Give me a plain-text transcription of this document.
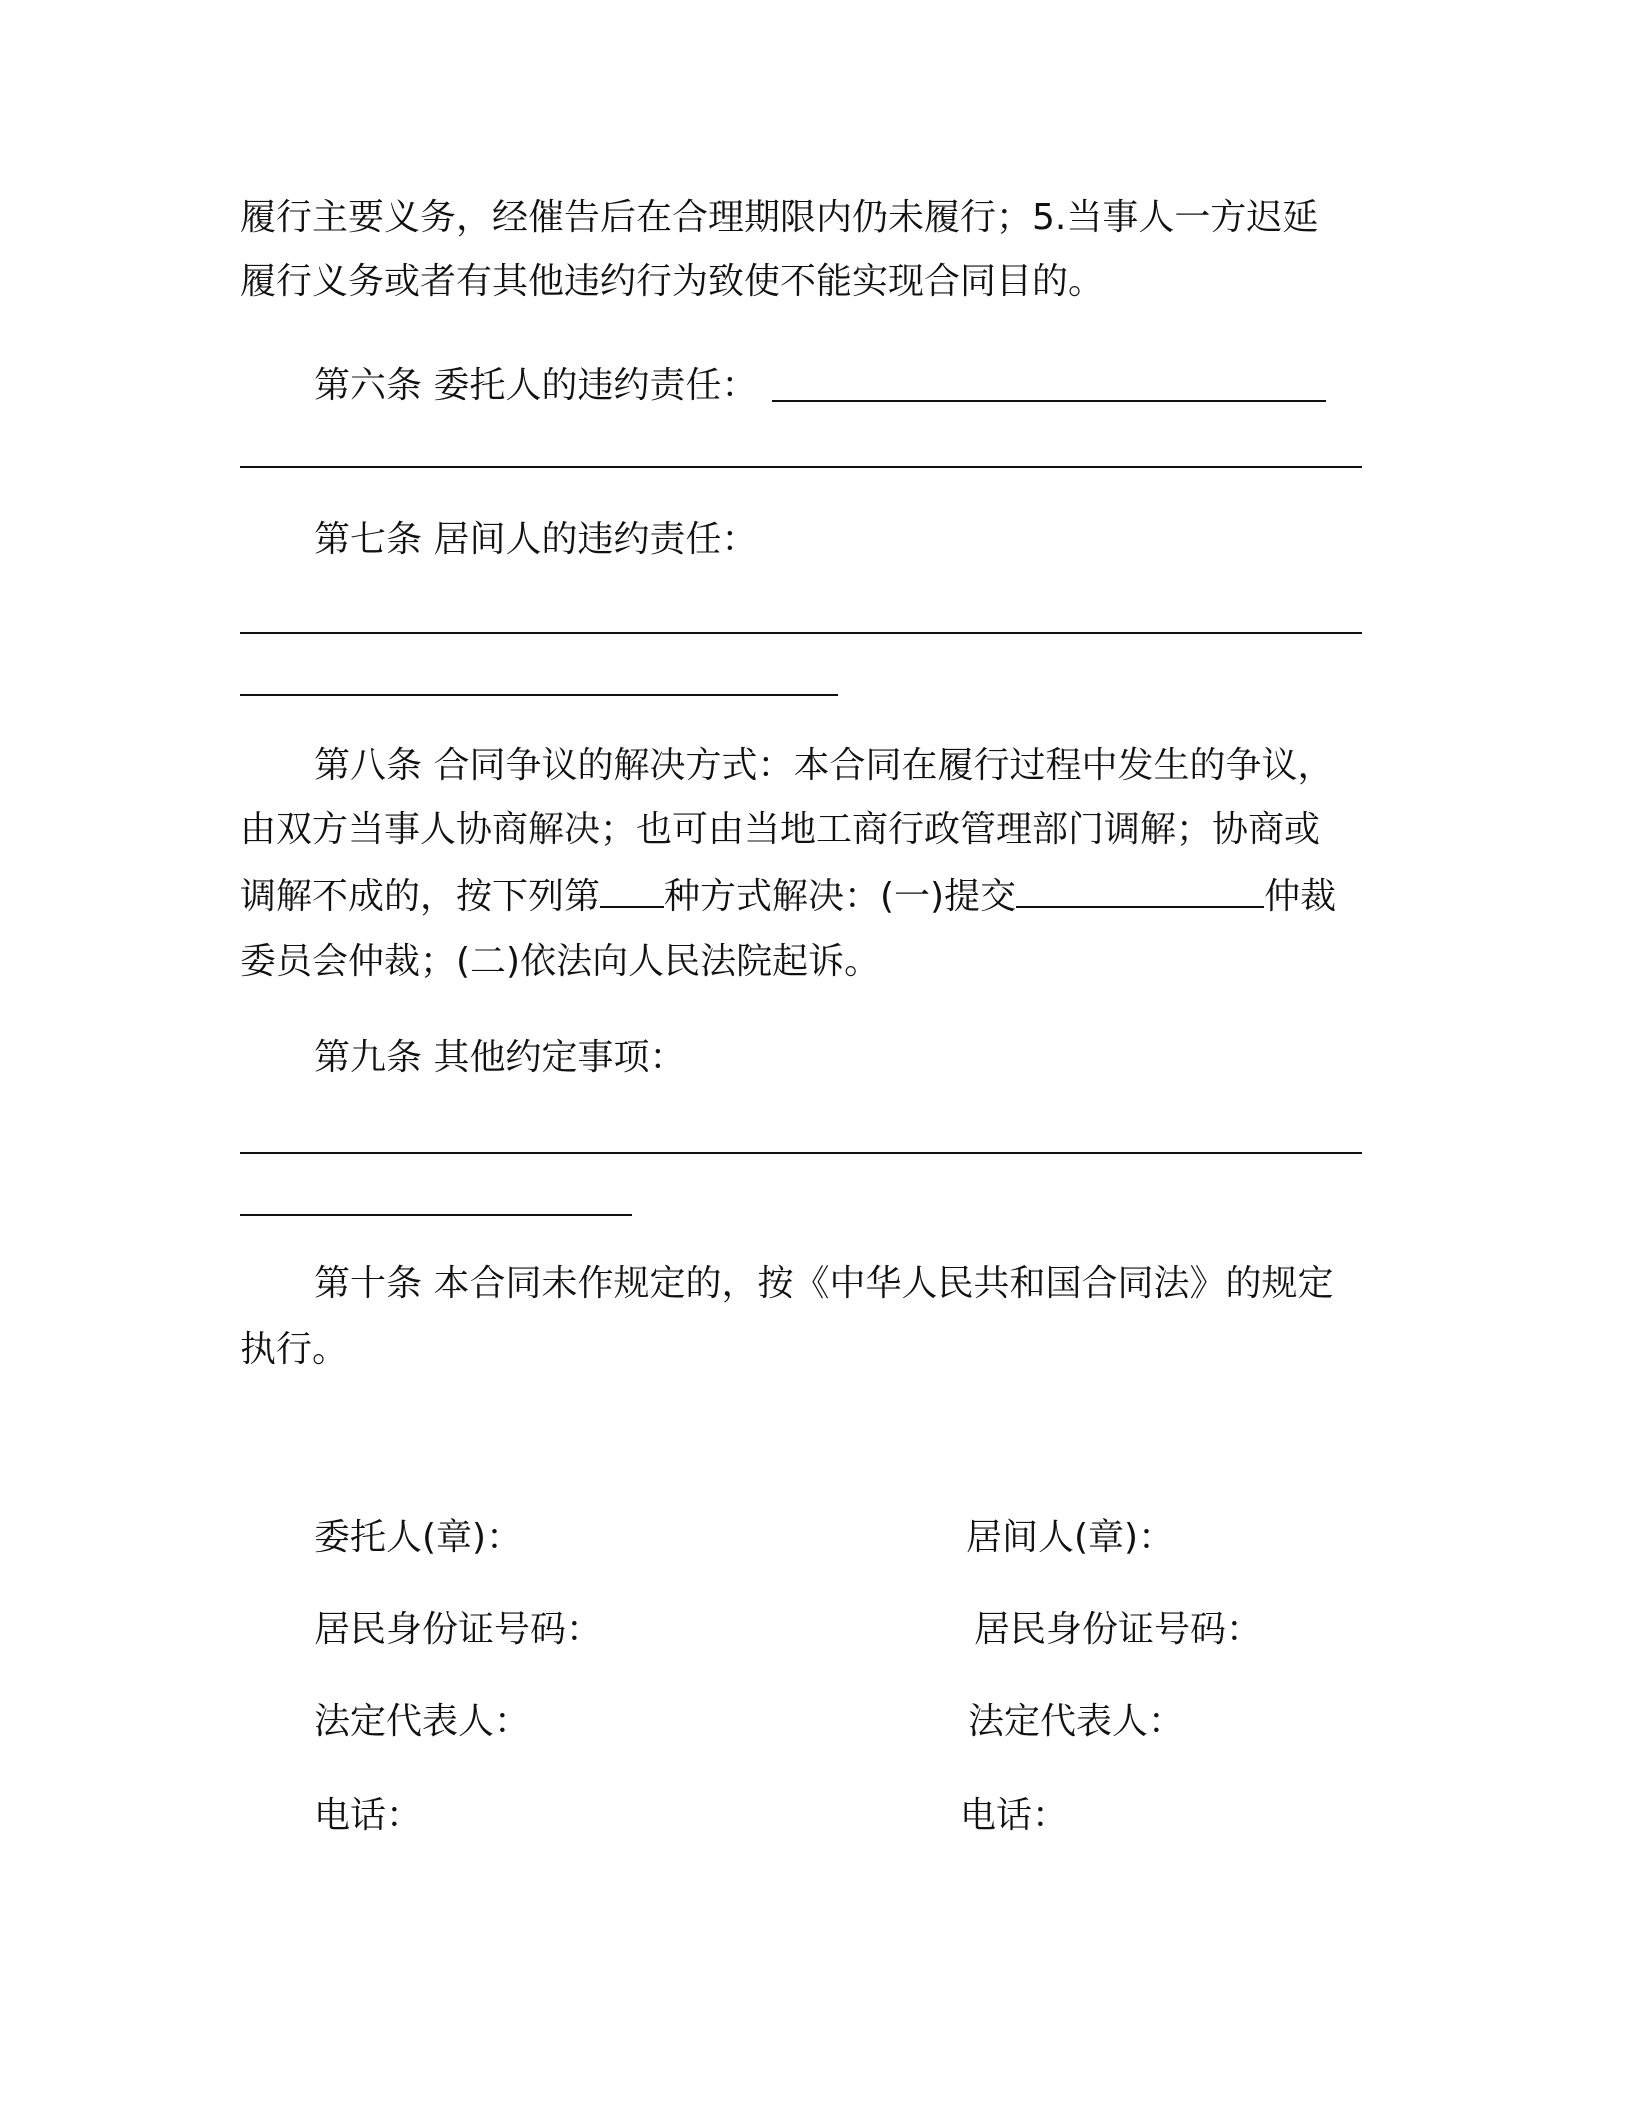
履行主要义务，经催告后在合理期限内仍未履行；5.当事人一方迟延
履行义务或者有其他违约行为致使不能实现合同目的。
第六条 委托人的违约责任：
第七条 居间人的违约责任：
第八条 合同争议的解决方式：本合同在履行过程中发生的争议，
由双方当事人协商解决；也可由当地工商行政管理部门调解；协商或
调解不成的，按下列第 种方式解决：(一)提交	仲裁
委员会仲裁；(二)依法向人民法院起诉。
第九条 其他约定事项：
第十条 本合同未作规定的，按《中华人民共和国合同法》的规定
执行。
委托人(章)：
居民身份证号码：
法定代表人：
电话：
居间人(章)：
居民身份证号码：
法定代表人：
电话：
